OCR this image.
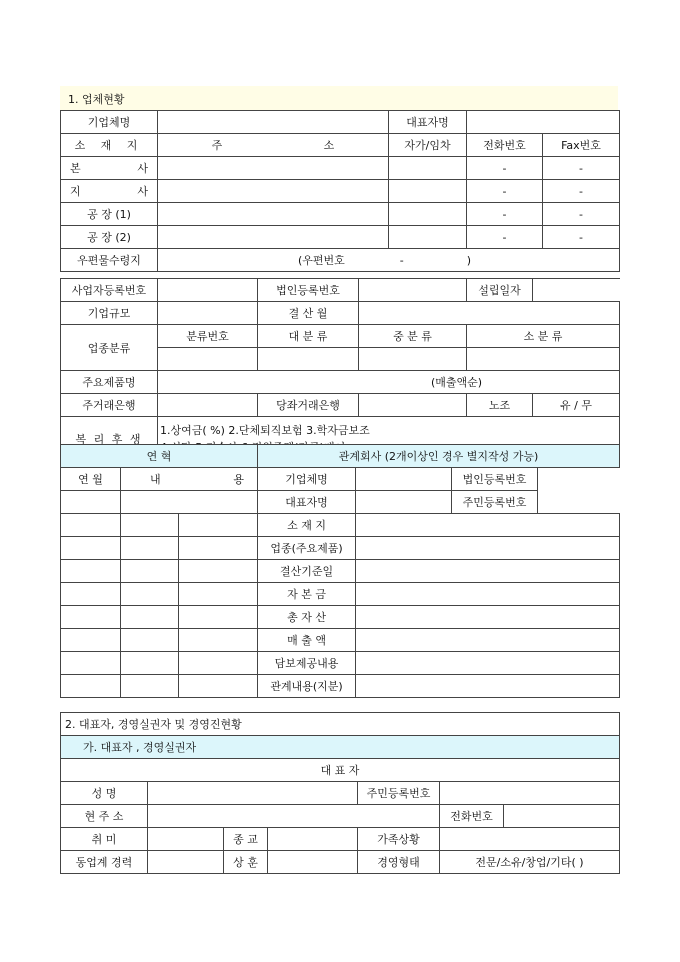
1. 업체현황
기업체명		대표자명		
소 재 지	주 소	자가/임차	전화번호	Fax번호

본 사			-	-

지 사			-	-
공 장 (1)			-	-
공 장 (2)			-	-
우편물수령지	(우편번호 - )			
사업자등록번호		법인등록번호		설립일자	
기업규모		결 산 월			
업종분류	분류번호	대 분 류	중 분 류	소 분 류	

주요제품명	(매출액순)				
주거래은행		당좌거래은행		노조	유 / 무
복 리 후 생	1.상여금( %) 2.단체퇴직보험 3.학자금보조
4.식당 5.기숙사 6.직원주택(자금)대여				
연 혁			관계회사 (2개이상인 경우 별지작성 가능)			
연 월	내 용		기업체명		법인등록번호	
			대표자명		주민등록번호	
			소 재 지			
			업종(주요제품)			
			결산기준일			
			자 본 금			
			총 자 산			
			매 출 액			
			담보제공내용			
			관계내용(지분)			
2. 대표자, 경영실권자 및 경영진현황						
가. 대표자 , 경영실권자						
대 표 자						
성 명				주민등록번호		
현 주 소					전화번호	
취 미		종 교		가족상황		
동업계 경력		상 훈		경영형태	전문/소유/창업/기타( )	
